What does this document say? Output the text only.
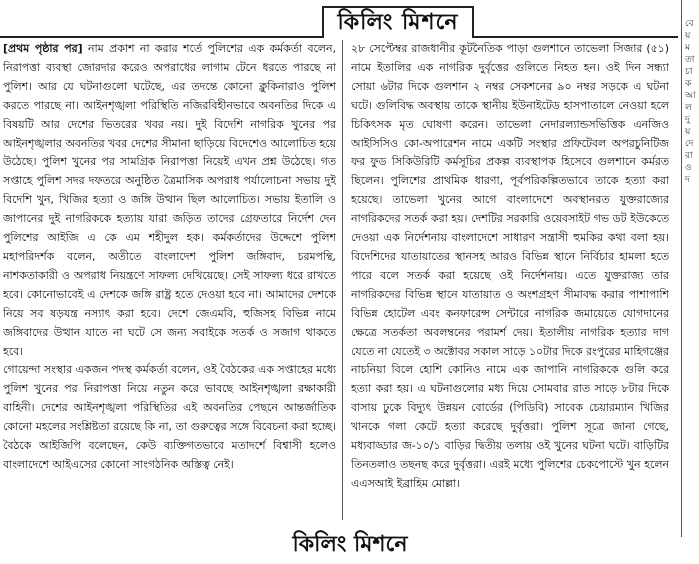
কিলিং মিশনে

[প্রথম পৃষ্ঠার পর] নাম প্রকাশ না করার শর্তে পুলিশের এক কর্মকর্তা বলেন, নিরাপত্তা ব্যবস্থা জোরদার করেও অপরাধের লাগাম টেনে ধরতে পারছে না পুলিশ। আর যে ঘটনাগুলো ঘটেছে, এর তদন্তে কোনো ক্লুকিনারাও পুলিশ করতে পারছে না। আইনশৃঙ্খলা পরিস্থিতি নজিরবিহীনভাবে অবনতির দিকে এ বিষয়টি আর দেশের ভিতরের খবর নয়। দুই বিদেশি নাগরিক খুনের পর আইনশৃঙ্খলার অবনতির খবর দেশের সীমানা ছাড়িয়ে বিদেশেও আলোচিত হয়ে উঠেছে। পুলিশ খুনের পর সামগ্রিক নিরাপত্তা নিয়েই এখন প্রশ্ন উঠেছে। গত সপ্তাহে পুলিশ সদর দফতরে অনুষ্ঠিত ত্রৈমাসিক অপরাধ পর্যালোচনা সভায় দুই বিদেশি খুন, খিজির হত্যা ও জঙ্গি উত্থান ছিল আলোচিত। সভায় ইতালি ও জাপানের দুই নাগরিককে হত্যায় যারা জড়িত তাদের গ্রেফতারে নির্দেশ দেন পুলিশের আইজি এ কে এম শহীদুল হক। কর্মকর্তাদের উদ্দেশে পুলিশ মহাপরিদর্শক বলেন, অতীতে বাংলাদেশ পুলিশ জঙ্গিবাদ, চরমপন্থি, নাশকতাকারী ও অপরাধ নিয়ন্ত্রণে সাফল্য দেখিয়েছে। সেই সাফল্য ধরে রাখতে হবে। কোনোভাবেই এ দেশকে জঙ্গি রাষ্ট্র হতে দেওয়া হবে না। আমাদের দেশকে নিয়ে সব ষড়যন্ত্র নস্যাৎ করা হবে। দেশে জেএমবি, হুজিসহ বিভিন্ন নামে জঙ্গিবাদের উত্থান যাতে না ঘটে সে জন্য সবাইকে সতর্ক ও সজাগ থাকতে হবে।

গোয়েন্দা সংস্থার একজন পদস্থ কর্মকর্তা বলেন, ওই বৈঠকের এক সপ্তাহের মধ্যে পুলিশ খুনের পর নিরাপত্তা নিয়ে নতুন করে ভাবছে আইনশৃঙ্খলা রক্ষাকারী বাহিনী। দেশের আইনশৃঙ্খলা পরিস্থিতির এই অবনতির পেছনে আন্তর্জাতিক কোনো মহলের সংশ্লিষ্টতা রয়েছে কি না, তা গুরুত্বের সঙ্গে বিবেচনা করা হচ্ছে। বৈঠকে আইজিপি বলেছেন, কেউ ব্যক্তিগতভাবে মতাদর্শে বিশ্বাসী হলেও বাংলাদেশে আইএসের কোনো সাংগঠনিক অস্তিত্ব নেই।

২৮ সেপ্টেম্বর রাজধানীর কূটনৈতিক পাড়া গুলশানে তাভেলা সিজার (৫১) নামে ইতালির এক নাগরিক দুর্বৃত্তের গুলিতে নিহত হন। ওই দিন সন্ধ্যা সোয়া ৬টার দিকে গুলশান ২ নম্বর সেকশনের ৯০ নম্বর সড়কে এ ঘটনা ঘটে। গুলিবিদ্ধ অবস্থায় তাকে স্থানীয় ইউনাইটেড হাসপাতালে নেওয়া হলে চিকিৎসক মৃত ঘোষণা করেন। তাভেলা নেদারল্যান্ডসভিত্তিক এনজিও আইসিসিও কো-অপারেশন নামে একটি সংস্থার প্রফিটেবল অপরচুনিটিজ ফর ফুড সিকিউরিটি কর্মসূচির প্রকল্প ব্যবস্থাপক হিসেবে গুলশানে কর্মরত ছিলেন। পুলিশের প্রাথমিক ধারণা, পূর্বপরিকল্পিতভাবে তাকে হত্যা করা হয়েছে। তাভেলা খুনের আগে বাংলাদেশে অবস্থানরত যুক্তরাজ্যের নাগরিকদের সতর্ক করা হয়। দেশটির সরকারি ওয়েবসাইট গভ ডট ইউকেতে দেওয়া এক নির্দেশনায় বাংলাদেশে সাধারণ সন্ত্রাসী হুমকির কথা বলা হয়। বিদেশিদের যাতায়াতের স্থানসহ আরও বিভিন্ন স্থানে নির্বিচার হামলা হতে পারে বলে সতর্ক করা হয়েছে ওই নির্দেশনায়। এতে যুক্তরাজ্য তার নাগরিকদের বিভিন্ন স্থানে যাতায়াত ও অংশগ্রহণ সীমাবদ্ধ করার পাশাপাশি বিভিন্ন হোটেল এবং কনফারেন্স সেন্টারে নাগরিক জমায়েতে যোগদানের ক্ষেত্রে সতর্কতা অবলম্বনের পরামর্শ দেয়। ইতালীয় নাগরিক হত্যার দাগ যেতে না যেতেই ৩ অক্টোবর সকাল সাড়ে ১০টার দিকে রংপুরের মাহিগঞ্জের নাচনিয়া বিলে হোশি কোনিও নামে এক জাপানি নাগরিককে গুলি করে হত্যা করা হয়। এ ঘটনাগুলোর মধ্য দিয়ে সোমবার রাত সাড়ে ৮টার দিকে বাসায় ঢুকে বিদ্যুৎ উন্নয়ন বোর্ডের (পিডিবি) সাবেক চেয়ারম্যান খিজির খানকে গলা কেটে হত্যা করেছে দুর্বৃত্তরা। পুলিশ সূত্রে জানা গেছে, মধ্যবাড্ডার জ-১০/১ বাড়ির দ্বিতীয় তলায় ওই খুনের ঘটনা ঘটে। বাড়িটির তিনতলাও তছনছ করে দুর্বৃত্তরা। এরই মধ্যে পুলিশের চেকপোস্টে খুন হলেন এএসআই ইব্রাহিম মোল্লা।

বে য় ম তা চা ক আ ল দু য় দে রা ও দ
কিলিং মিশনে
